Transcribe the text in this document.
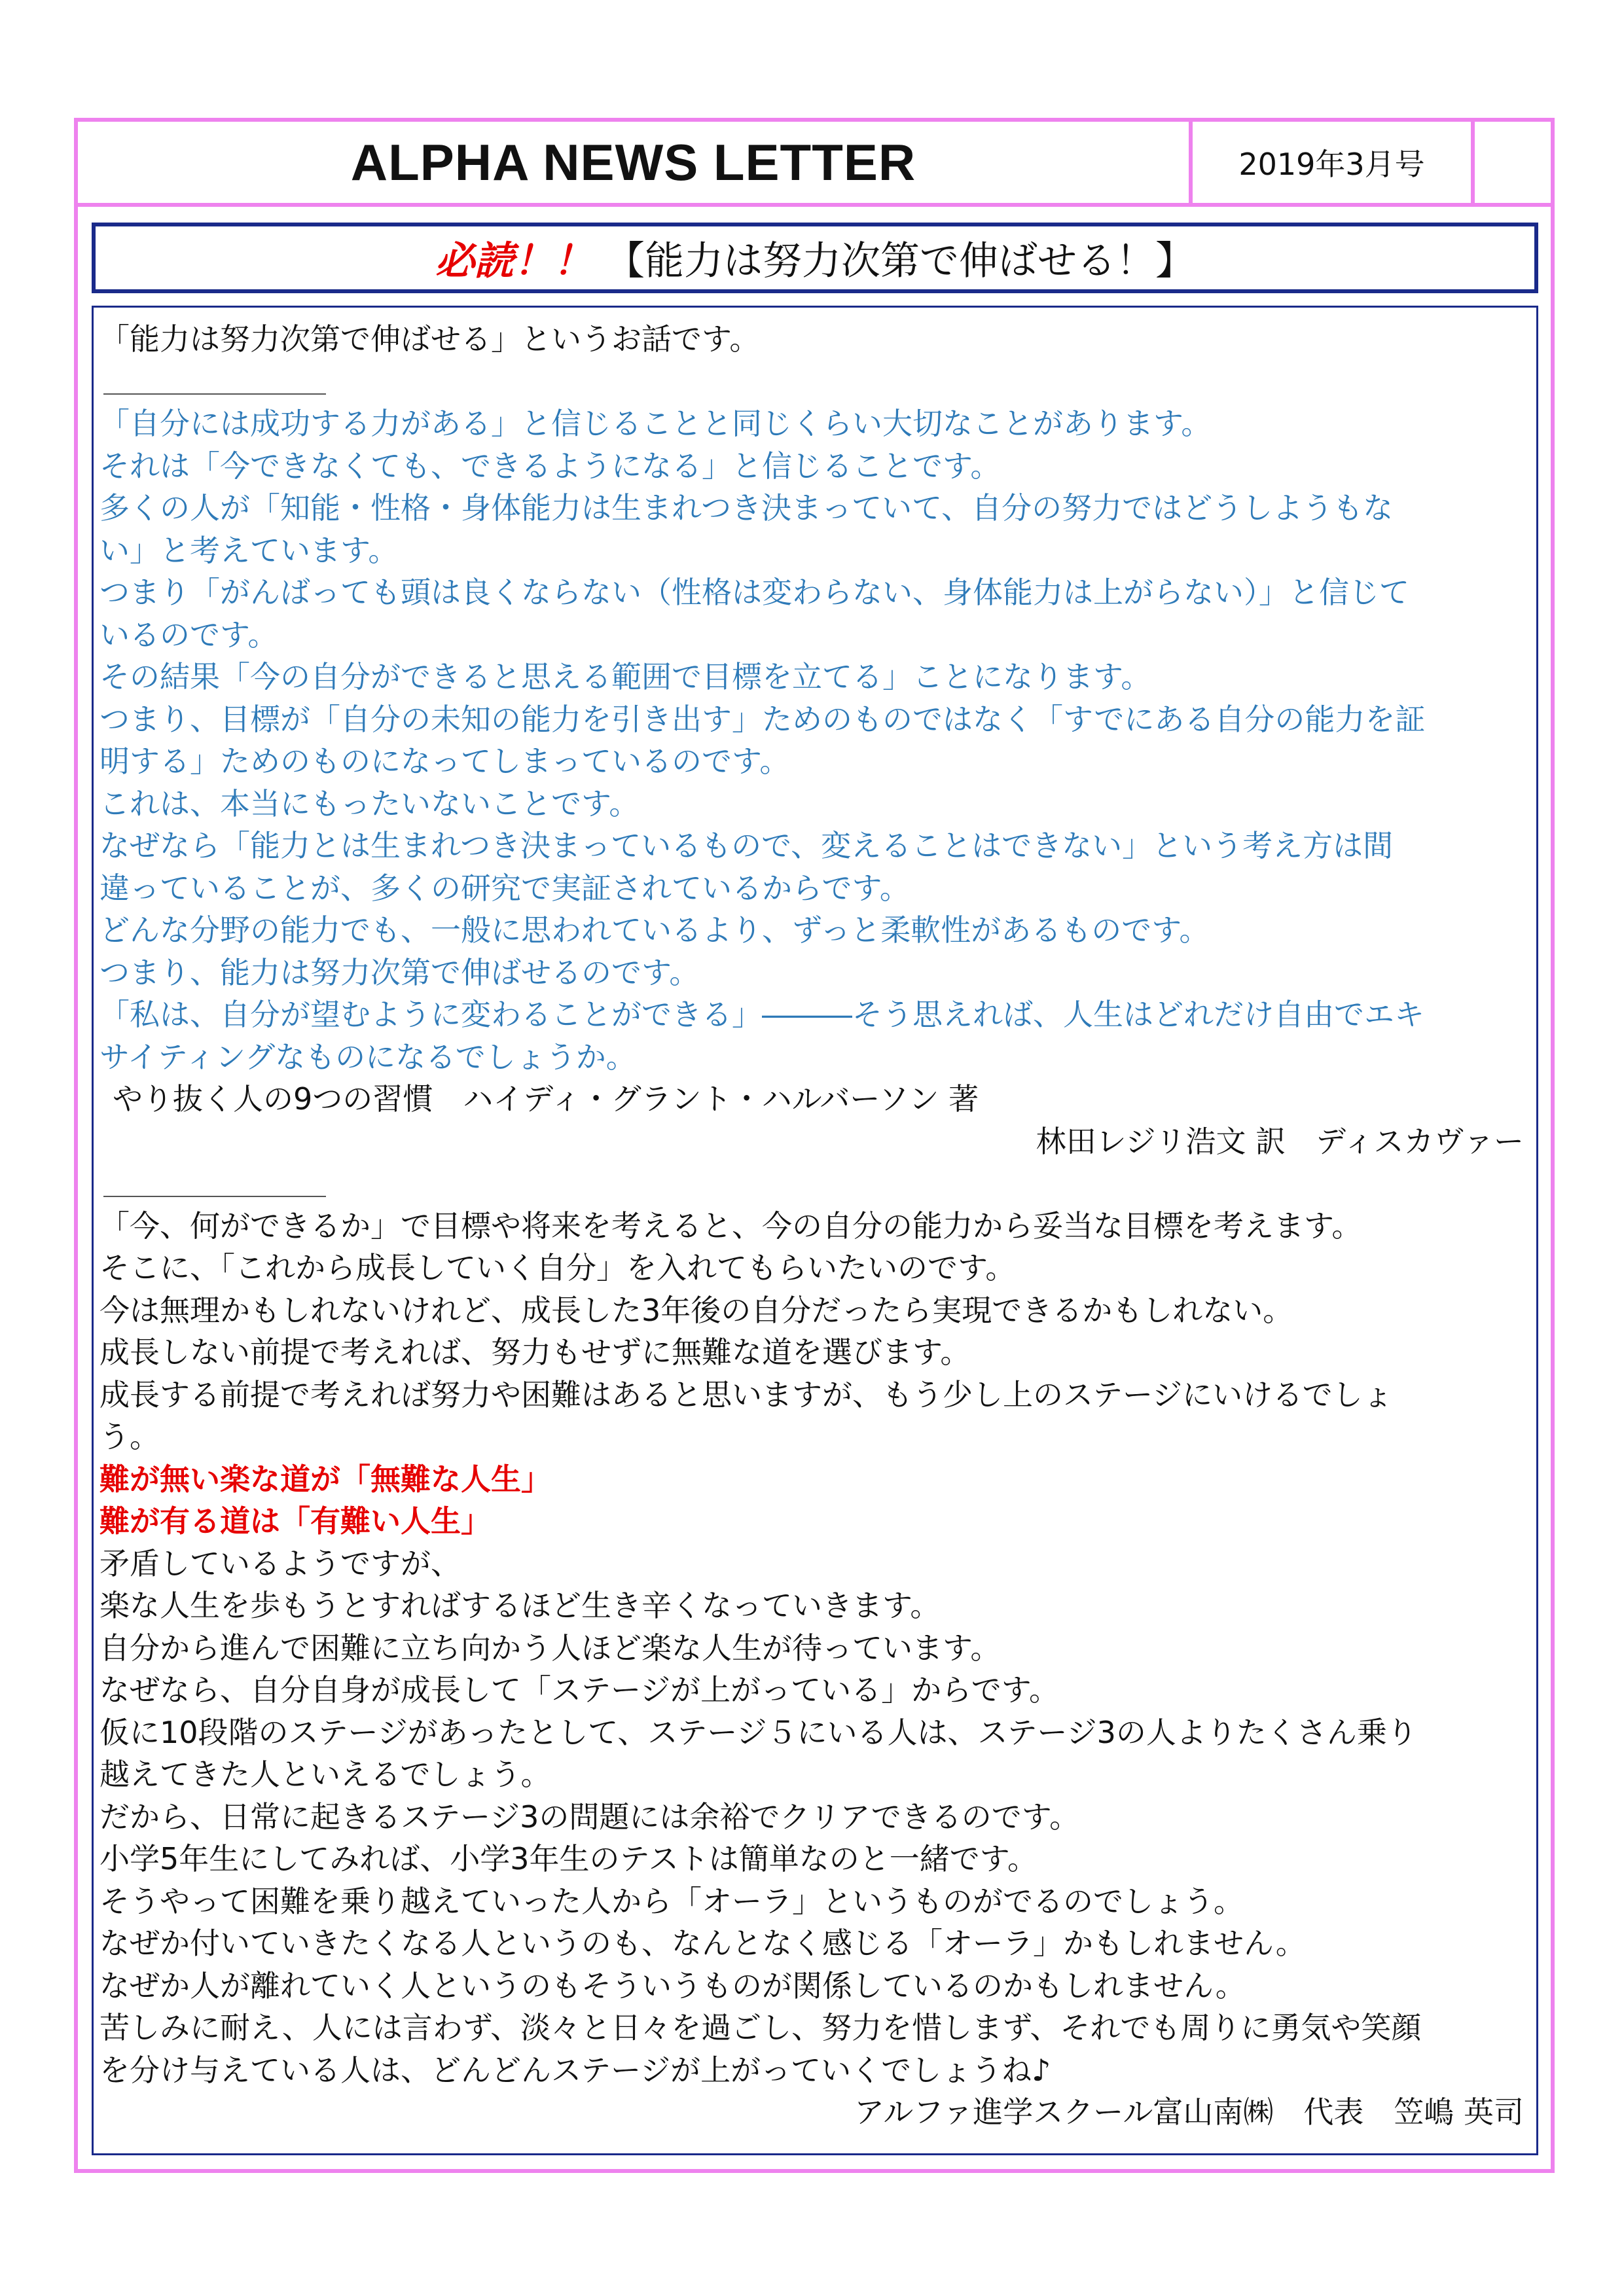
ALPHA NEWS LETTER	2019年3月号
必読！！ 【能力は努力次第で伸ばせる！】
「能力は努力次第で伸ばせる」というお話です。
「自分には成功する力がある」と信じることと同じくらい大切なことがあります。
それは「今できなくても、できるようになる」と信じることです。
多くの人が「知能・性格・身体能力は生まれつき決まっていて、自分の努力ではどうしようもな
い」と考えています。
つまり「がんばっても頭は良くならない（性格は変わらない、身体能力は上がらない）」と信じて
いるのです。
その結果「今の自分ができると思える範囲で目標を立てる」ことになります。
つまり、目標が「自分の未知の能力を引き出す」ためのものではなく「すでにある自分の能力を証
明する」ためのものになってしまっているのです。
これは、本当にもったいないことです。
なぜなら「能力とは生まれつき決まっているもので、変えることはできない」という考え方は間
違っていることが、多くの研究で実証されているからです。
どんな分野の能力でも、一般に思われているより、ずっと柔軟性があるものです。
つまり、能力は努力次第で伸ばせるのです。
「私は、自分が望むように変わることができる」―――そう思えれば、人生はどれだけ自由でエキ
サイティングなものになるでしょうか。
やり抜く人の9つの習慣　ハイディ・グラント・ハルバーソン 著
林田レジリ浩文 訳　ディスカヴァー
「今、何ができるか」で目標や将来を考えると、今の自分の能力から妥当な目標を考えます。
そこに、「これから成長していく自分」を入れてもらいたいのです。
今は無理かもしれないけれど、成長した3年後の自分だったら実現できるかもしれない。
成長しない前提で考えれば、努力もせずに無難な道を選びます。
成長する前提で考えれば努力や困難はあると思いますが、もう少し上のステージにいけるでしょ
う。
難が無い楽な道が「無難な人生」
難が有る道は「有難い人生」
矛盾しているようですが、
楽な人生を歩もうとすればするほど生き辛くなっていきます。
自分から進んで困難に立ち向かう人ほど楽な人生が待っています。
なぜなら、自分自身が成長して「ステージが上がっている」からです。
仮に10段階のステージがあったとして、ステージ５にいる人は、ステージ3の人よりたくさん乗り
越えてきた人といえるでしょう。
だから、日常に起きるステージ3の問題には余裕でクリアできるのです。
小学5年生にしてみれば、小学3年生のテストは簡単なのと一緒です。
そうやって困難を乗り越えていった人から「オーラ」というものがでるのでしょう。
なぜか付いていきたくなる人というのも、なんとなく感じる「オーラ」かもしれません。
なぜか人が離れていく人というのもそういうものが関係しているのかもしれません。
苦しみに耐え、人には言わず、淡々と日々を過ごし、努力を惜しまず、それでも周りに勇気や笑顔
を分け与えている人は、どんどんステージが上がっていくでしょうね♪
アルファ進学スクール富山南㈱　代表　笠嶋 英司
